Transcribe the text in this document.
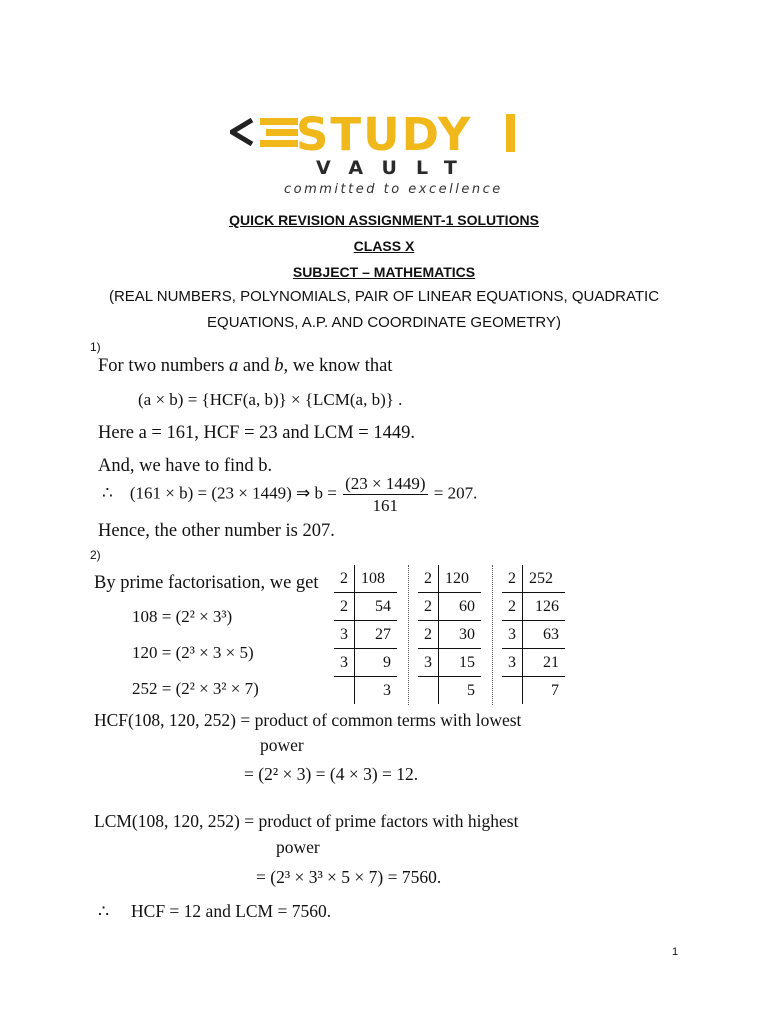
STUDY
VAULT
committed to excellence
QUICK REVISION ASSIGNMENT-1 SOLUTIONS
CLASS X
SUBJECT – MATHEMATICS
(REAL NUMBERS, POLYNOMIALS, PAIR OF LINEAR EQUATIONS, QUADRATIC
EQUATIONS, A.P. AND COORDINATE GEOMETRY)
1)
For two numbers a and b, we know that
(a × b) = {HCF(a, b)} × {LCM(a, b)} .
Here a = 161, HCF = 23 and LCM = 1449.
And, we have to find b.
∴ (161 × b) = (23 × 1449) ⇒ $b = \frac{(23 \times 1449)}{161} = 207$.
Hence, the other number is 207.
2)
By prime factorisation, we get
108 = (2² × 3³)
120 = (2³ × 3 × 5)
252 = (2² × 3² × 7)
2	108
2	54
3	27
3	9
	3
2	120
2	60
2	30
3	15
	5
2	252
2	126
3	63
3	21
	7
HCF(108, 120, 252) = product of common terms with lowest
power
= (2² × 3) = (4 × 3) = 12.
LCM(108, 120, 252) = product of prime factors with highest
power
= (2³ × 3³ × 5 × 7) = 7560.
∴ HCF = 12 and LCM = 7560.
1
